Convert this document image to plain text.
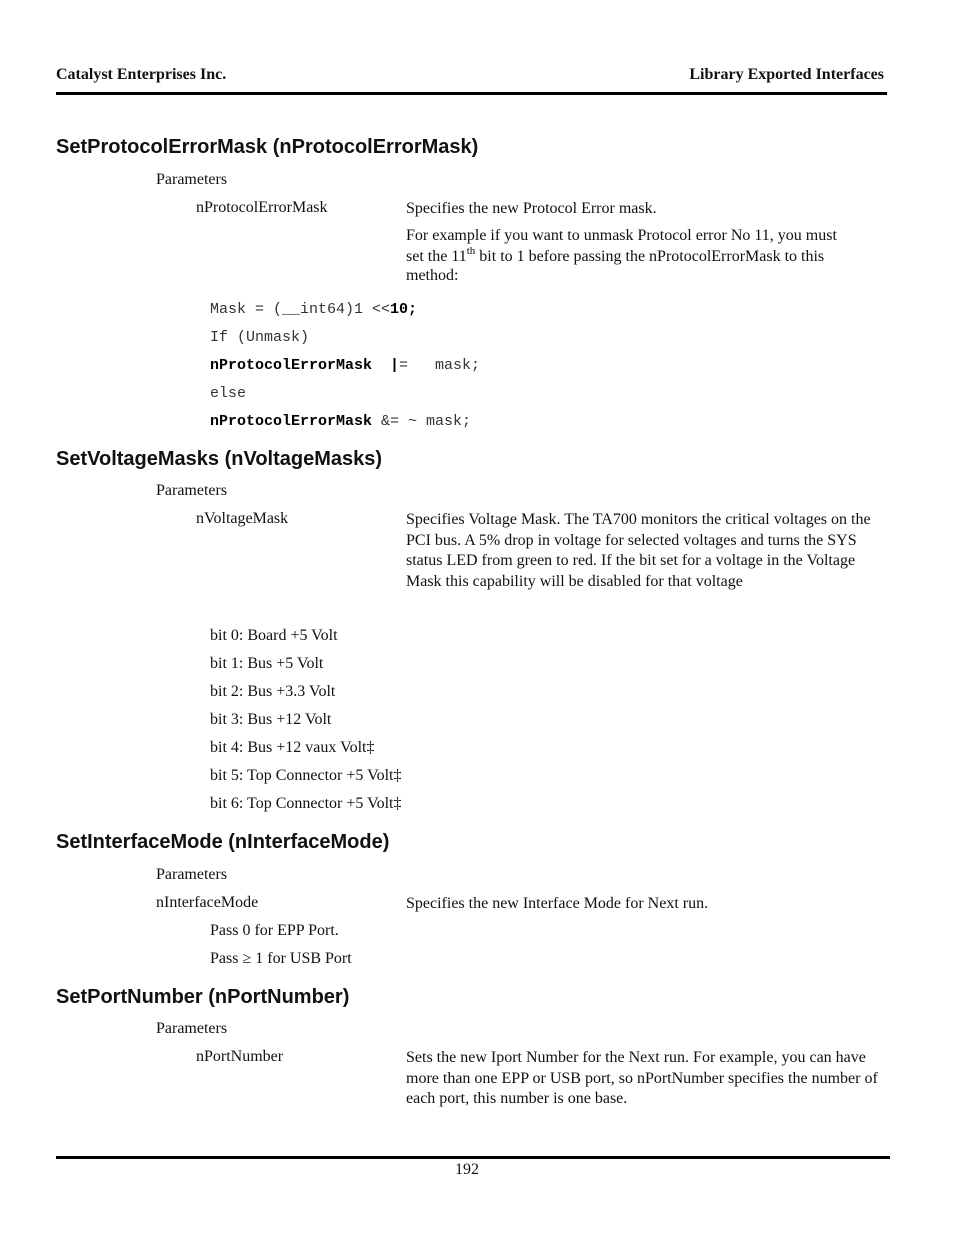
Catalyst Enterprises Inc.	Library Exported Interfaces
SetProtocolErrorMask (nProtocolErrorMask)
Parameters
nProtocolErrorMask	Specifies the new Protocol Error mask.
For example if you want to unmask Protocol error No 11, you must
set the 11th bit to 1 before passing the nProtocolErrorMask to this
method:
Mask = (__int64)1 <<10;
If (Unmask)
nProtocolErrorMask  |=   mask;
else
nProtocolErrorMask &= ~ mask;
SetVoltageMasks (nVoltageMasks)
Parameters
nVoltageMask	Specifies Voltage Mask. The TA700 monitors the critical voltages on the PCI bus. A 5% drop in voltage for selected voltages and turns the SYS status LED from green to red. If the bit set for a voltage in the Voltage Mask this capability will be disabled for that voltage
bit 0: Board +5 Volt
bit 1: Bus +5 Volt
bit 2: Bus +3.3 Volt
bit 3: Bus +12 Volt
bit 4: Bus +12 vaux Volt‡
bit 5: Top Connector +5 Volt‡
bit 6: Top Connector +5 Volt‡
SetInterfaceMode (nInterfaceMode)
Parameters
nInterfaceMode	Specifies the new Interface Mode for Next run.
Pass 0 for EPP Port.
Pass ≥ 1 for USB Port
SetPortNumber (nPortNumber)
Parameters
nPortNumber	Sets the new Iport Number for the Next run. For example, you can have more than one EPP or USB port, so nPortNumber specifies the number of each port, this number is one base.
192
